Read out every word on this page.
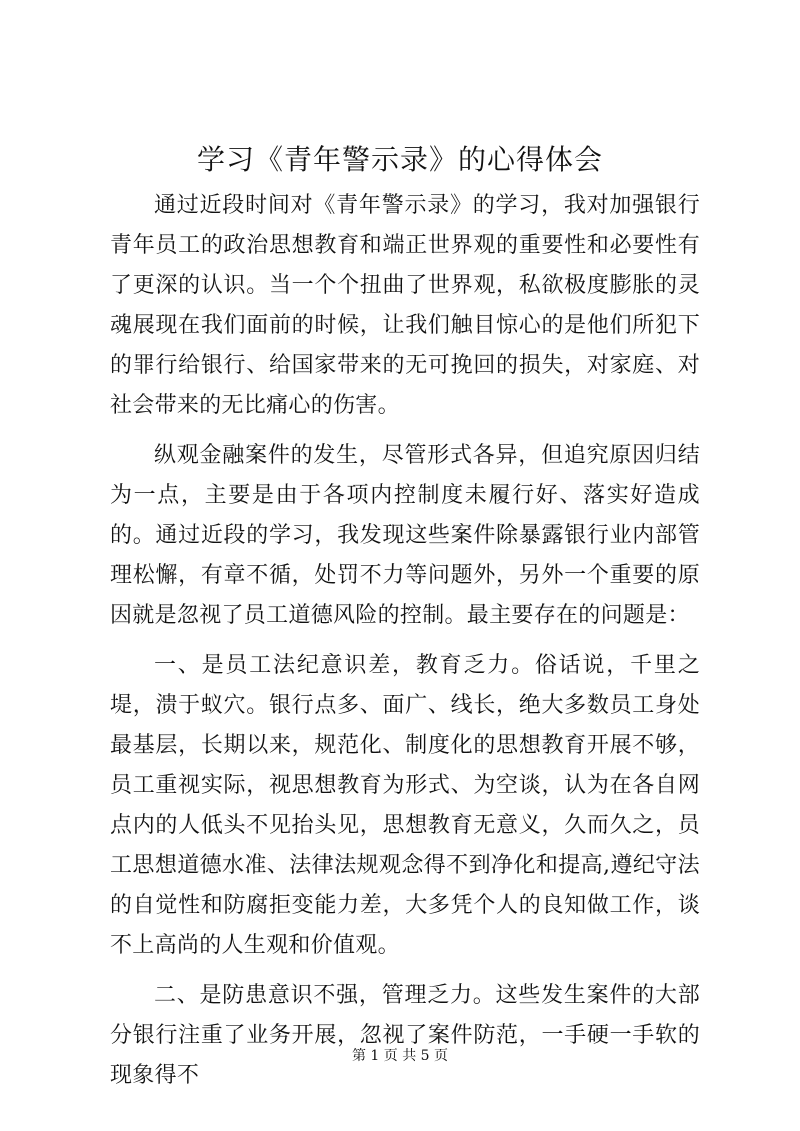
学习《青年警示录》的心得体会

通过近段时间对《青年警示录》的学习，我对加强银行青年员工的政治思想教育和端正世界观的重要性和必要性有了更深的认识。当一个个扭曲了世界观，私欲极度膨胀的灵魂展现在我们面前的时候，让我们触目惊心的是他们所犯下的罪行给银行、给国家带来的无可挽回的损失，对家庭、对社会带来的无比痛心的伤害。

纵观金融案件的发生，尽管形式各异，但追究原因归结为一点，主要是由于各项内控制度未履行好、落实好造成的。通过近段的学习，我发现这些案件除暴露银行业内部管理松懈，有章不循，处罚不力等问题外，另外一个重要的原因就是忽视了员工道德风险的控制。最主要存在的问题是：

一、是员工法纪意识差，教育乏力。俗话说，千里之堤，溃于蚁穴。银行点多、面广、线长，绝大多数员工身处最基层，长期以来，规范化、制度化的思想教育开展不够，员工重视实际，视思想教育为形式、为空谈，认为在各自网点内的人低头不见抬头见，思想教育无意义，久而久之，员工思想道德水准、法律法规观念得不到净化和提高,遵纪守法的自觉性和防腐拒变能力差，大多凭个人的良知做工作，谈不上高尚的人生观和价值观。

二、是防患意识不强，管理乏力。这些发生案件的大部分银行注重了业务开展，忽视了案件防范，一手硬一手软的现象得不

第 1 页 共 5 页
